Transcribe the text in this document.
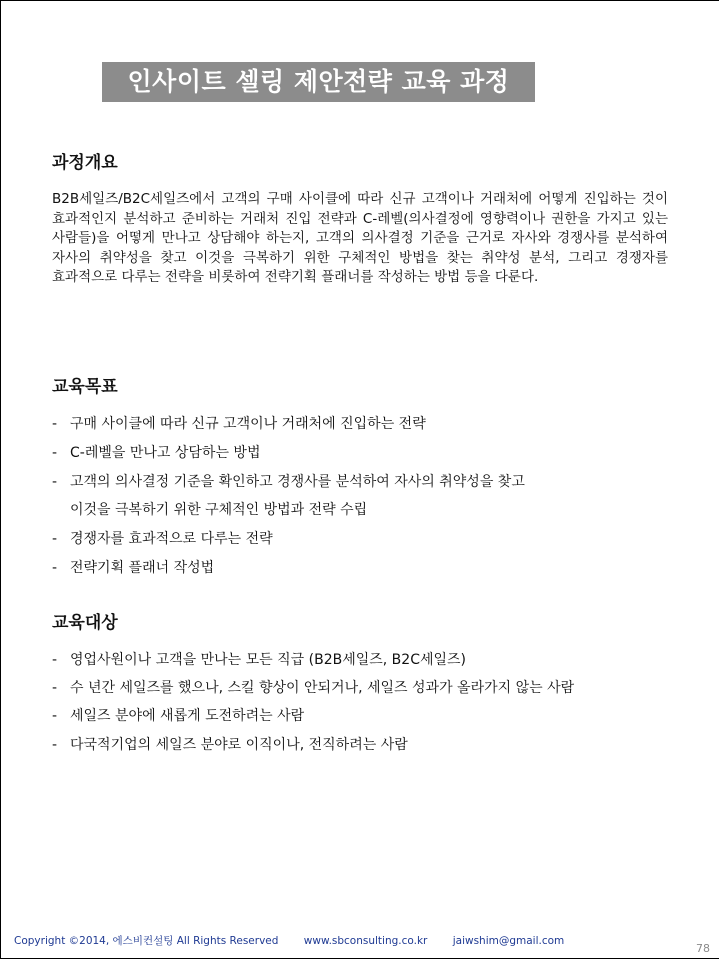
인사이트 셀링 제안전략 교육 과정
과정개요
B2B세일즈/B2C세일즈에서 고객의 구매 사이클에 따라 신규 고객이나 거래처에 어떻게 진입하는 것이 효과적인지 분석하고 준비하는 거래처 진입 전략과 C-레벨(의사결정에 영향력이나 권한을 가지고 있는 사람들)을 어떻게 만나고 상담해야 하는지, 고객의 의사결정 기준을 근거로 자사와 경쟁사를 분석하여 자사의 취약성을 찾고 이것을 극복하기 위한 구체적인 방법을 찾는 취약성 분석, 그리고 경쟁자를 효과적으로 다루는 전략을 비롯하여 전략기획 플래너를 작성하는 방법 등을 다룬다.
교육목표
- 구매 사이클에 따라 신규 고객이나 거래처에 진입하는 전략
- C-레벨을 만나고 상담하는 방법
- 고객의 의사결정 기준을 확인하고 경쟁사를 분석하여 자사의 취약성을 찾고
이것을 극복하기 위한 구체적인 방법과 전략 수립
- 경쟁자를 효과적으로 다루는 전략
- 전략기획 플래너 작성법
교육대상
- 영업사원이나 고객을 만나는 모든 직급 (B2B세일즈, B2C세일즈)
- 수 년간 세일즈를 했으나, 스킬 향상이 안되거나, 세일즈 성과가 올라가지 않는 사람
- 세일즈 분야에 새롭게 도전하려는 사람
- 다국적기업의 세일즈 분야로 이직이나, 전직하려는 사람
Copyright ©2014, 에스비컨설팅 All Rights Reserved www.sbconsulting.co.kr jaiwshim@gmail.com
78
